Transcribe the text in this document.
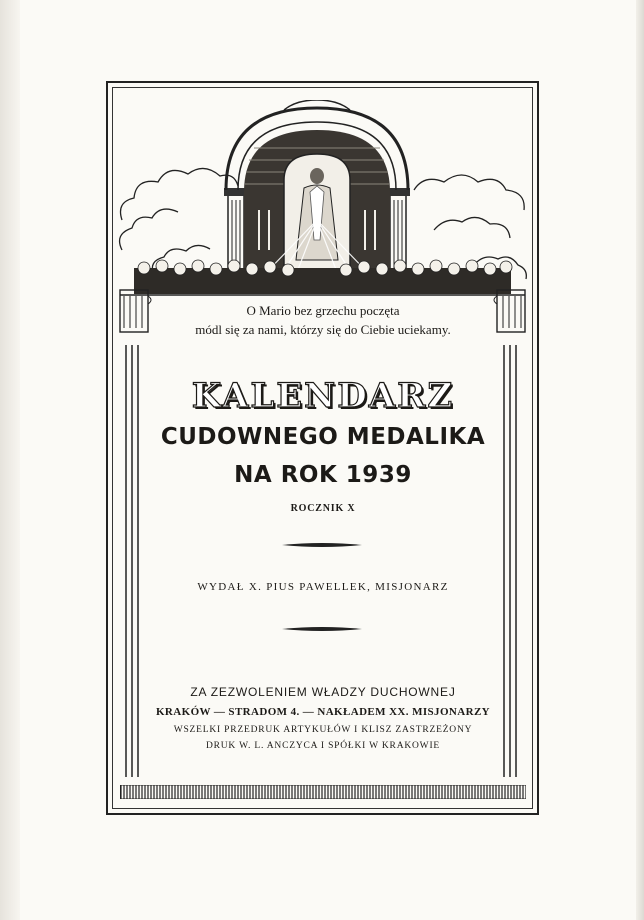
O Mario bez grzechu poczęta
módl się za nami, którzy się do Ciebie uciekamy.
KALENDARZ
CUDOWNEGO MEDALIKA
NA ROK 1939
ROCZNIK X
WYDAŁ X. PIUS PAWELLEK, MISJONARZ
ZA ZEZWOLENIEM WŁADZY DUCHOWNEJ
KRAKÓW — STRADOM 4. — NAKŁADEM XX. MISJONARZY
WSZELKI PRZEDRUK ARTYKUŁÓW I KLISZ ZASTRZEŻONY
DRUK W. L. ANCZYCA I SPÓŁKI W KRAKOWIE
